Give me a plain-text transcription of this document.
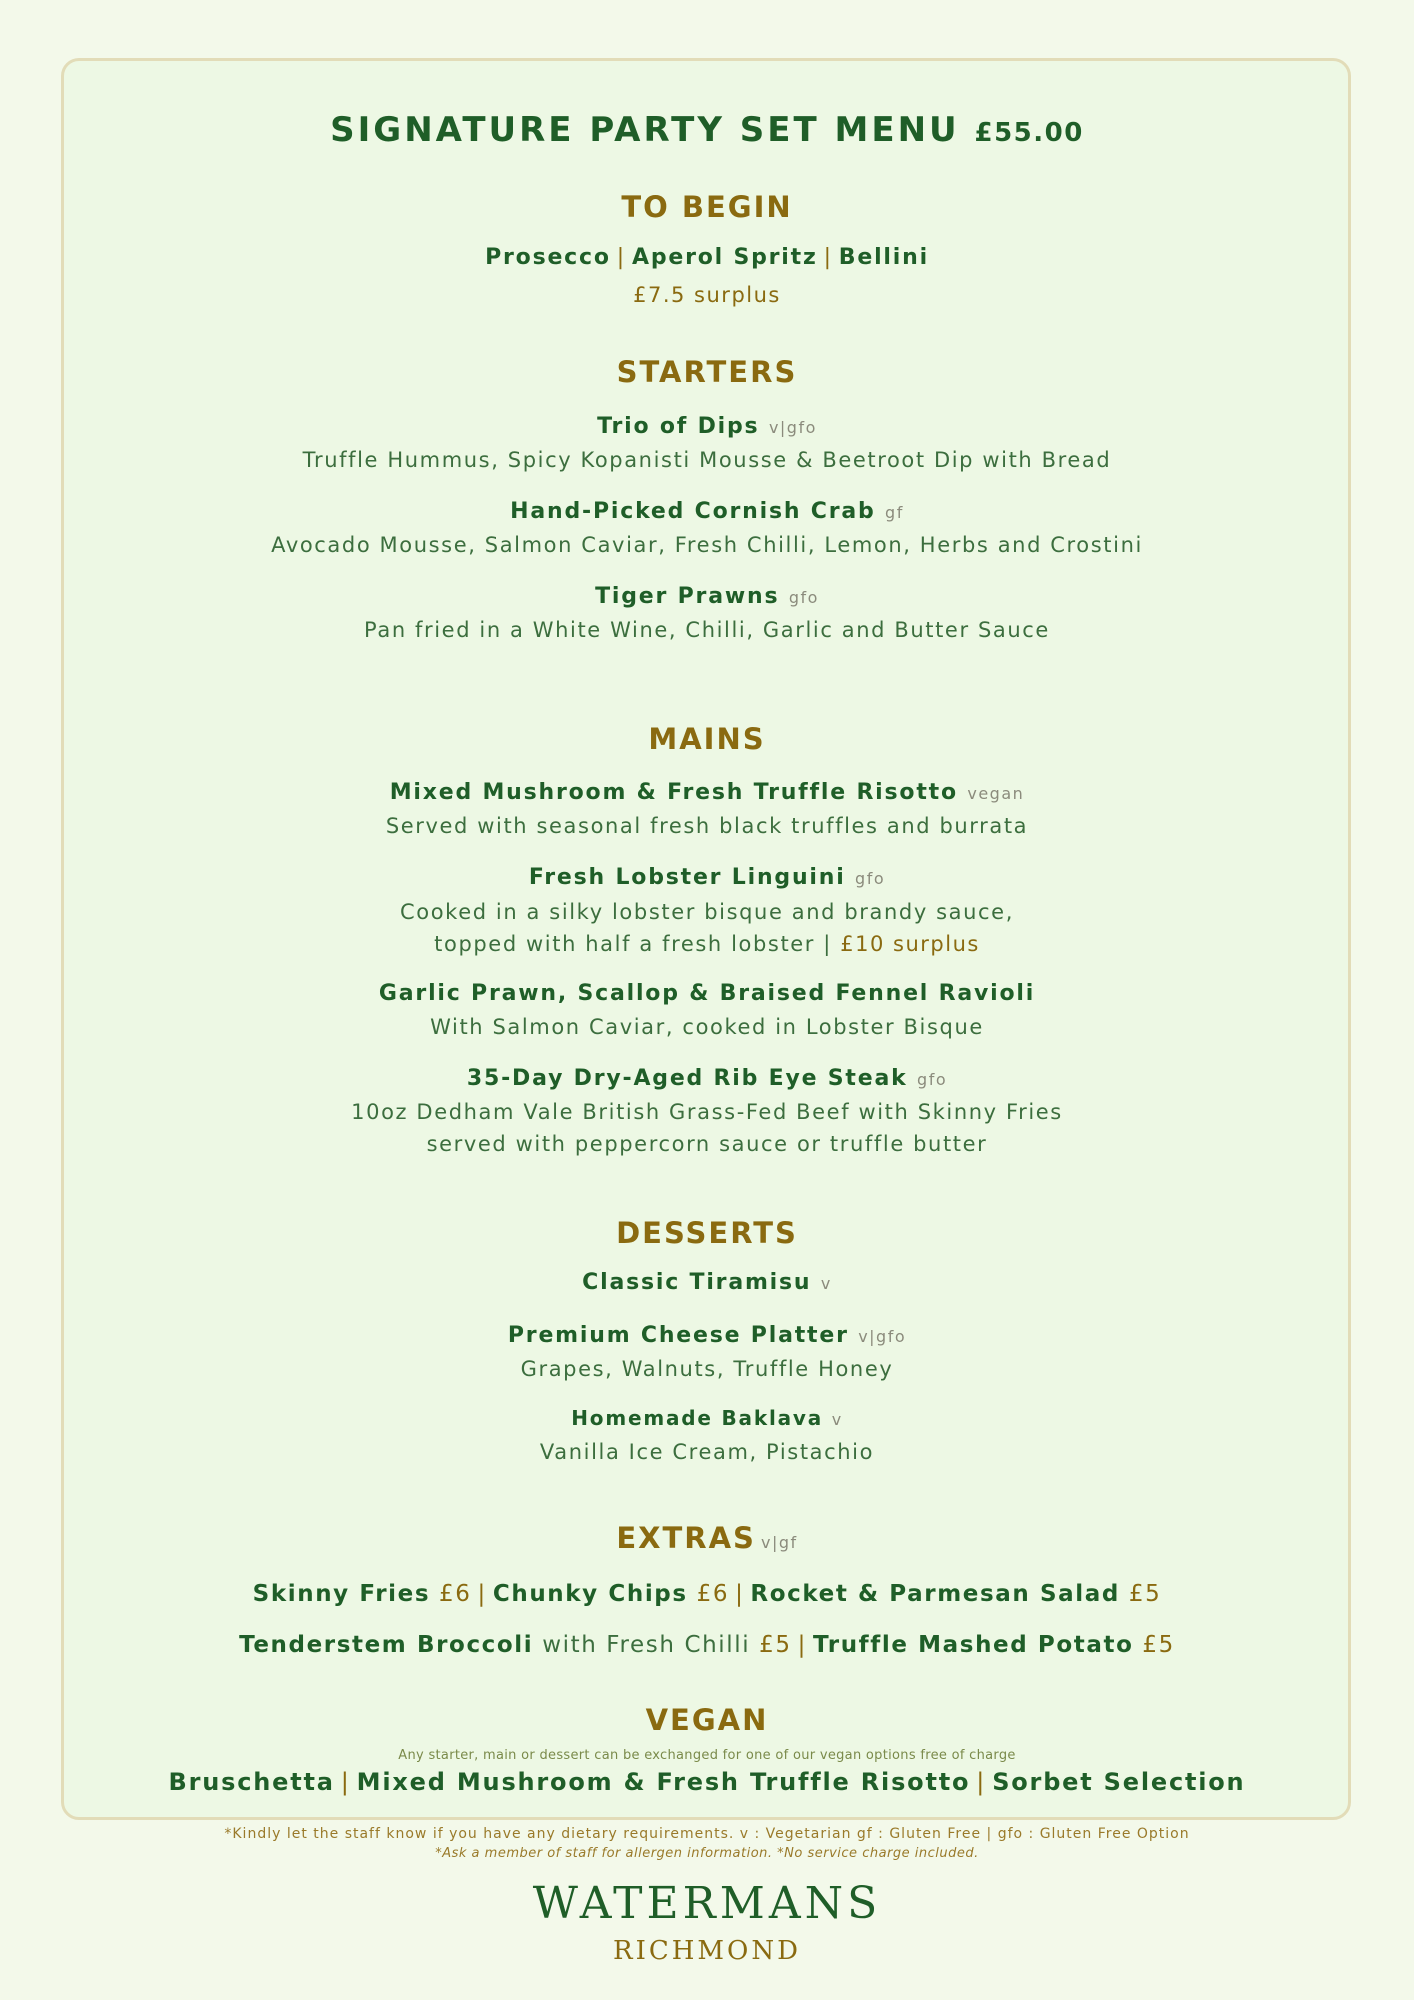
SIGNATURE PARTY SET MENU £55.00
TO BEGIN
Prosecco | Aperol Spritz | Bellini
£7.5 surplus
STARTERS
Trio of Dips v|gfo
Truffle Hummus, Spicy Kopanisti Mousse & Beetroot Dip with Bread
Hand-Picked Cornish Crab gf
Avocado Mousse, Salmon Caviar, Fresh Chilli, Lemon, Herbs and Crostini
Tiger Prawns gfo
Pan fried in a White Wine, Chilli, Garlic and Butter Sauce
MAINS
Mixed Mushroom & Fresh Truffle Risotto vegan
Served with seasonal fresh black truffles and burrata
Fresh Lobster Linguini gfo
Cooked in a silky lobster bisque and brandy sauce,
topped with half a fresh lobster | £10 surplus
Garlic Prawn, Scallop & Braised Fennel Ravioli
With Salmon Caviar, cooked in Lobster Bisque
35-Day Dry-Aged Rib Eye Steak gfo
10oz Dedham Vale British Grass-Fed Beef with Skinny Fries
served with peppercorn sauce or truffle butter
DESSERTS
Classic Tiramisu v
Premium Cheese Platter v|gfo
Grapes, Walnuts, Truffle Honey
Homemade Baklava v
Vanilla Ice Cream, Pistachio
EXTRAS v|gf
Skinny Fries £6 | Chunky Chips £6 | Rocket & Parmesan Salad £5
Tenderstem Broccoli with Fresh Chilli £5 | Truffle Mashed Potato £5
VEGAN
Any starter, main or dessert can be exchanged for one of our vegan options free of charge
Bruschetta | Mixed Mushroom & Fresh Truffle Risotto | Sorbet Selection
*Kindly let the staff know if you have any dietary requirements. v : Vegetarian gf : Gluten Free | gfo : Gluten Free Option
*Ask a member of staff for allergen information. *No service charge included.
WATERMANS
RICHMOND
